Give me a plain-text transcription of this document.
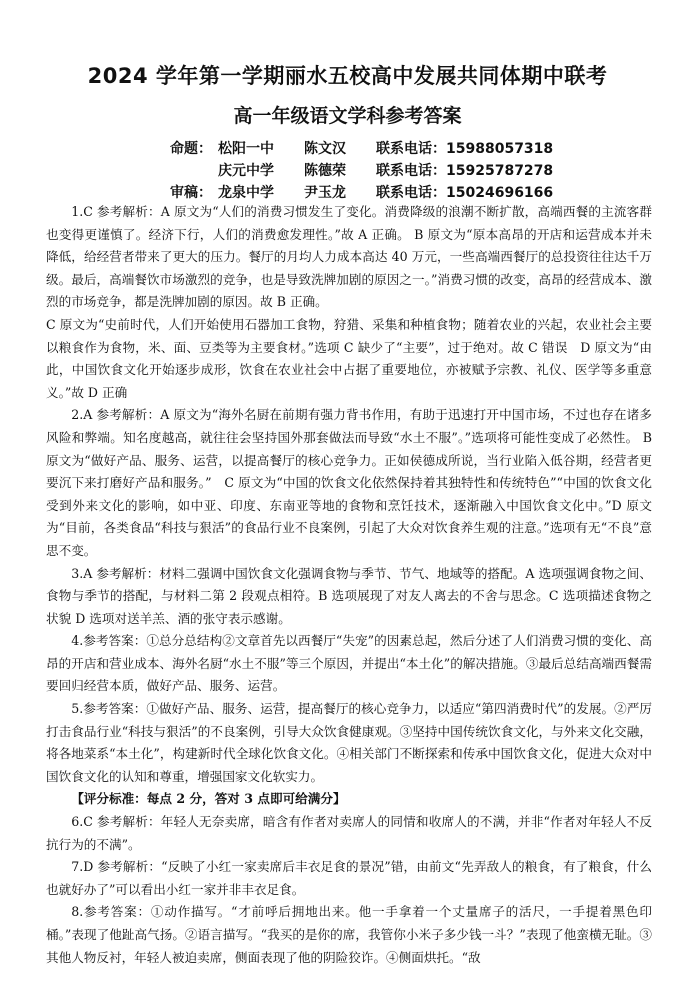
2024 学年第一学期丽水五校高中发展共同体期中联考
高一年级语文学科参考答案
命题： 松阳一中	陈文汉	联系电话：15988057318
庆元中学	陈德荣	联系电话：15925787278
审稿： 龙泉中学	尹玉龙	联系电话：15024696166

1.C 参考解析：A 原文为“人们的消费习惯发生了变化。消费降级的浪潮不断扩散，高端西餐的主流客群也变得更谨慎了。经济下行，人们的消费愈发理性。”故 A 正确。 B 原文为“原本高昂的开店和运营成本并未降低，给经营者带来了更大的压力。餐厅的月均人力成本高达 40 万元，一些高端西餐厅的总投资往往达千万级。最后，高端餐饮市场激烈的竞争，也是导致洗牌加剧的原因之一。”消费习惯的改变，高昂的经营成本、激烈的市场竞争，都是洗牌加剧的原因。故 B 正确。

C 原文为“史前时代，人们开始使用石器加工食物，狩猎、采集和种植食物；随着农业的兴起，农业社会主要以粮食作为食物，米、面、豆类等为主要食材。”选项 C 缺少了“主要”，过于绝对。故 C 错误　D 原文为“由此，中国饮食文化开始逐步成形，饮食在农业社会中占据了重要地位，亦被赋予宗教、礼仪、医学等多重意义。”故 D 正确

2.A 参考解析：A 原文为“海外名厨在前期有强力背书作用，有助于迅速打开中国市场，不过也存在诸多风险和弊端。知名度越高，就往往会坚持国外那套做法而导致“水土不服”。”选项将可能性变成了必然性。 B 原文为“做好产品、服务、运营，以提高餐厅的核心竞争力。正如侯德成所说，当行业陷入低谷期，经营者更要沉下来打磨好产品和服务。”　C 原文为“中国的饮食文化依然保持着其独特性和传统特色”“中国的饮食文化受到外来文化的影响，如中亚、印度、东南亚等地的食物和烹饪技术，逐渐融入中国饮食文化中。”D 原文为“目前，各类食品“科技与狠活”的食品行业不良案例，引起了大众对饮食养生观的注意。”选项有无“不良”意思不变。

3.A 参考解析：材料二强调中国饮食文化强调食物与季节、节气、地域等的搭配。A 选项强调食物之间、食物与季节的搭配，与材料二第 2 段观点相符。B 选项展现了对友人离去的不舍与思念。C 选项描述食物之状貌 D 选项对送羊羔、酒的张守表示感谢。

4.参考答案：①总分总结构②文章首先以西餐厅“失宠”的因素总起，然后分述了人们消费习惯的变化、高昂的开店和营业成本、海外名厨“水土不服”等三个原因，并提出“本土化”的解决措施。③最后总结高端西餐需要回归经营本质，做好产品、服务、运营。

5.参考答案：①做好产品、服务、运营，提高餐厅的核心竞争力，以适应“第四消费时代”的发展。②严厉打击食品行业“科技与狠活”的不良案例，引导大众饮食健康观。③坚持中国传统饮食文化，与外来文化交融，将各地菜系“本土化”，构建新时代全球化饮食文化。④相关部门不断探索和传承中国饮食文化，促进大众对中国饮食文化的认知和尊重，增强国家文化软实力。

【评分标准：每点 2 分，答对 3 点即可给满分】

6.C 参考解析：年轻人无奈卖席，暗含有作者对卖席人的同情和收席人的不满，并非“作者对年轻人不反抗行为的不满”。

7.D 参考解析：“反映了小红一家卖席后丰衣足食的景况”错，由前文“先弄敌人的粮食，有了粮食，什么也就好办了”可以看出小红一家并非丰衣足食。

8.参考答案：①动作描写。“才前呼后拥地出来。他一手拿着一个丈量席子的活尺，一手提着黑色印桶。”表现了他趾高气扬。②语言描写。“我买的是你的席，我管你小米子多少钱一斗？”表现了他蛮横无耻。③其他人物反衬，年轻人被迫卖席，侧面表现了他的阴险狡诈。④侧面烘托。“敌
